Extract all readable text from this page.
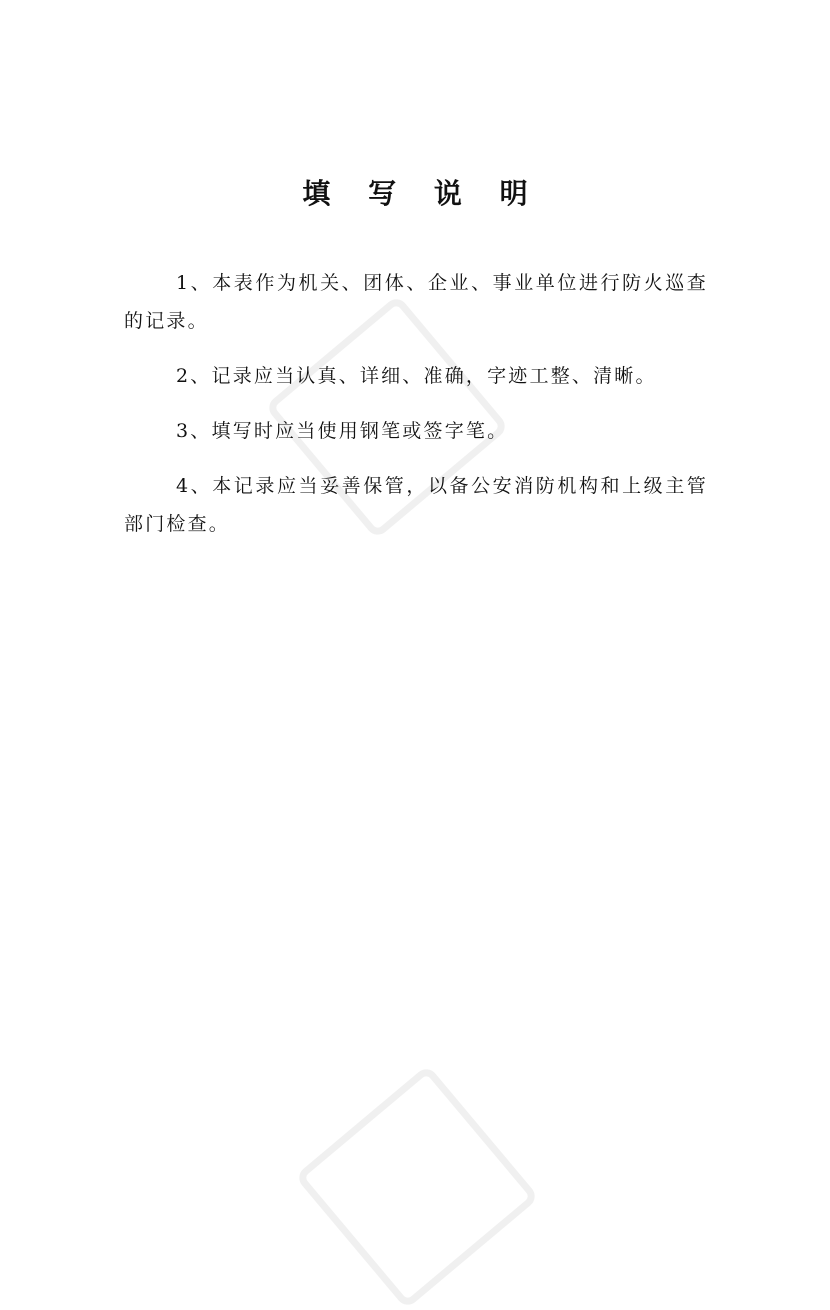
填 写 说 明

1、本表作为机关、团体、企业、事业单位进行防火巡查的记录。

2、记录应当认真、详细、准确，字迹工整、清晰。

3、填写时应当使用钢笔或签字笔。

4、本记录应当妥善保管，以备公安消防机构和上级主管部门检查。
